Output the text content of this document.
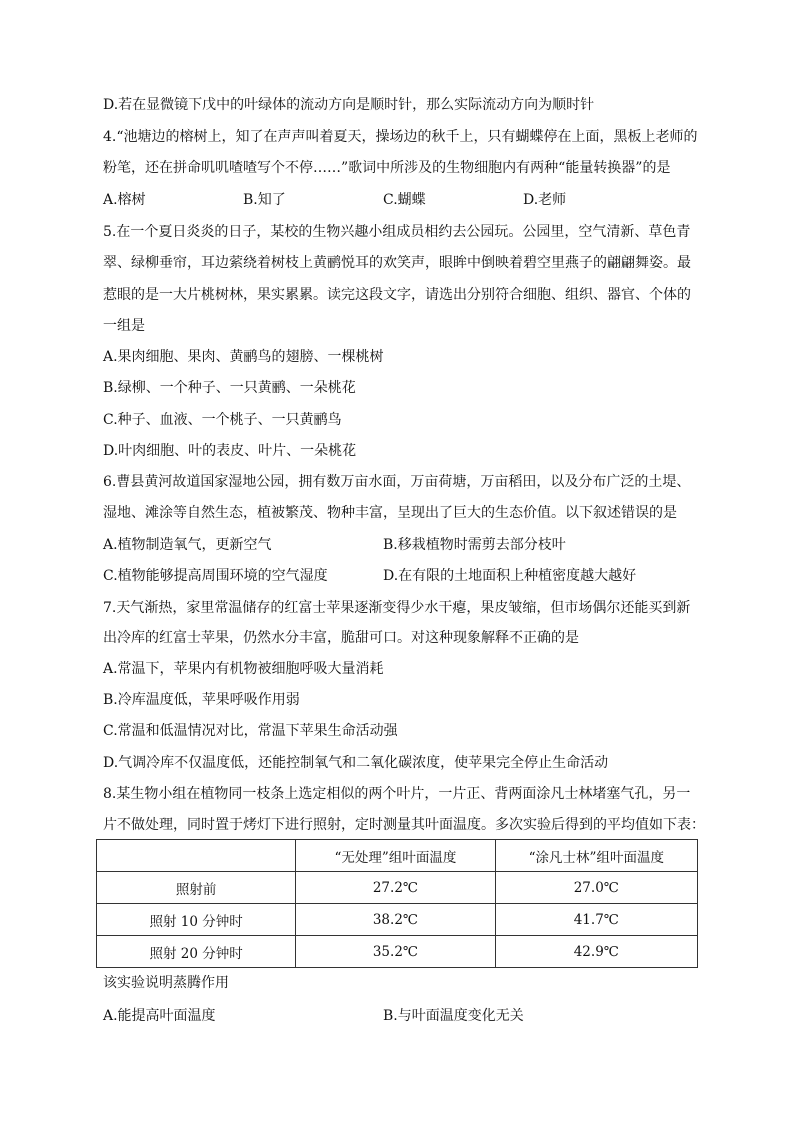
D.若在显微镜下戊中的叶绿体的流动方向是顺时针，那么实际流动方向为顺时针
4.“池塘边的榕树上，知了在声声叫着夏天，操场边的秋千上，只有蝴蝶停在上面，黑板上老师的
粉笔，还在拼命叽叽喳喳写个不停……”歌词中所涉及的生物细胞内有两种“能量转换器”的是
A.榕树	B.知了	C.蝴蝶	D.老师
5.在一个夏日炎炎的日子，某校的生物兴趣小组成员相约去公园玩。公园里，空气清新、草色青
翠、绿柳垂帘，耳边萦绕着树枝上黄鹂悦耳的欢笑声，眼眸中倒映着碧空里燕子的翩翩舞姿。最
惹眼的是一大片桃树林，果实累累。读完这段文字，请选出分别符合细胞、组织、器官、个体的
一组是
A.果肉细胞、果肉、黄鹂鸟的翅膀、一棵桃树
B.绿柳、一个种子、一只黄鹂、一朵桃花
C.种子、血液、一个桃子、一只黄鹂鸟
D.叶肉细胞、叶的表皮、叶片、一朵桃花
6.曹县黄河故道国家湿地公园，拥有数万亩水面，万亩荷塘，万亩稻田，以及分布广泛的土堤、
湿地、滩涂等自然生态，植被繁茂、物种丰富，呈现出了巨大的生态价值。以下叙述错误的是
A.植物制造氧气，更新空气	B.移栽植物时需剪去部分枝叶
C.植物能够提高周围环境的空气湿度	D.在有限的土地面积上种植密度越大越好
7.天气渐热，家里常温储存的红富士苹果逐渐变得少水干瘪，果皮皱缩，但市场偶尔还能买到新
出冷库的红富士苹果，仍然水分丰富，脆甜可口。对这种现象解释不正确的是
A.常温下，苹果内有机物被细胞呼吸大量消耗
B.冷库温度低，苹果呼吸作用弱
C.常温和低温情况对比，常温下苹果生命活动强
D.气调冷库不仅温度低，还能控制氧气和二氧化碳浓度，使苹果完全停止生命活动
8.某生物小组在植物同一枝条上选定相似的两个叶片，一片正、背两面涂凡士林堵塞气孔，另一
片不做处理，同时置于烤灯下进行照射，定时测量其叶面温度。多次实验后得到的平均值如下表：
	“无处理”组叶面温度	“涂凡士林”组叶面温度
照射前	27.2℃	27.0℃
照射 10 分钟时	38.2℃	41.7℃
照射 20 分钟时	35.2℃	42.9℃
该实验说明蒸腾作用
A.能提高叶面温度	B.与叶面温度变化无关
